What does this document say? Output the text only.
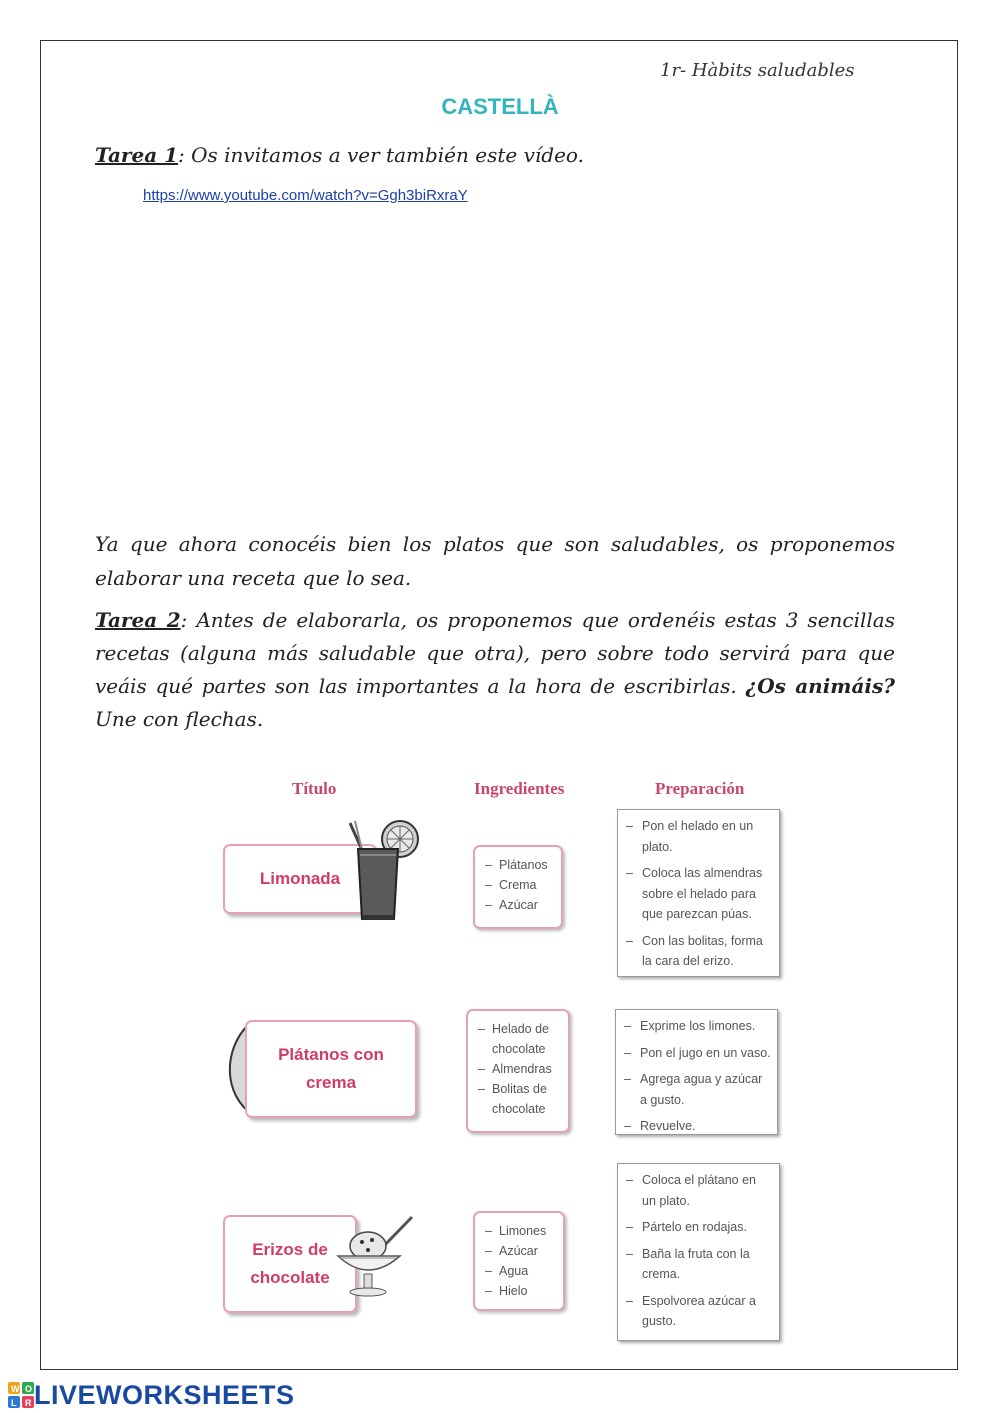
1r- Hàbits saludables
CASTELLÀ
Tarea 1: Os invitamos a ver también este vídeo.
https://www.youtube.com/watch?v=Ggh3biRxraY
Ya que ahora conocéis bien los platos que son saludables, os proponemos elaborar una receta que lo sea.
Tarea 2: Antes de elaborarla, os proponemos que ordenéis estas 3 sencillas recetas (alguna más saludable que otra), pero sobre todo servirá para que veáis qué partes son las importantes a la hora de escribirlas. ¿Os animáis? Une con flechas.
Título	Ingredientes	Preparación
Limonada
– Plátanos
– Crema
– Azúcar
– Pon el helado en un plato.
– Coloca las almendras sobre el helado para que parezcan púas.
– Con las bolitas, forma la cara del erizo.
Plátanos con crema
– Helado de chocolate
– Almendras
– Bolitas de chocolate
– Exprime los limones.
– Pon el jugo en un vaso.
– Agrega agua y azúcar a gusto.
– Revuelve.
Erizos de chocolate
– Limones
– Azúcar
– Agua
– Hielo
– Coloca el plátano en un plato.
– Pártelo en rodajas.
– Baña la fruta con la crema.
– Espolvorea azúcar a gusto.
W O
L R LIVEWORKSHEETS
